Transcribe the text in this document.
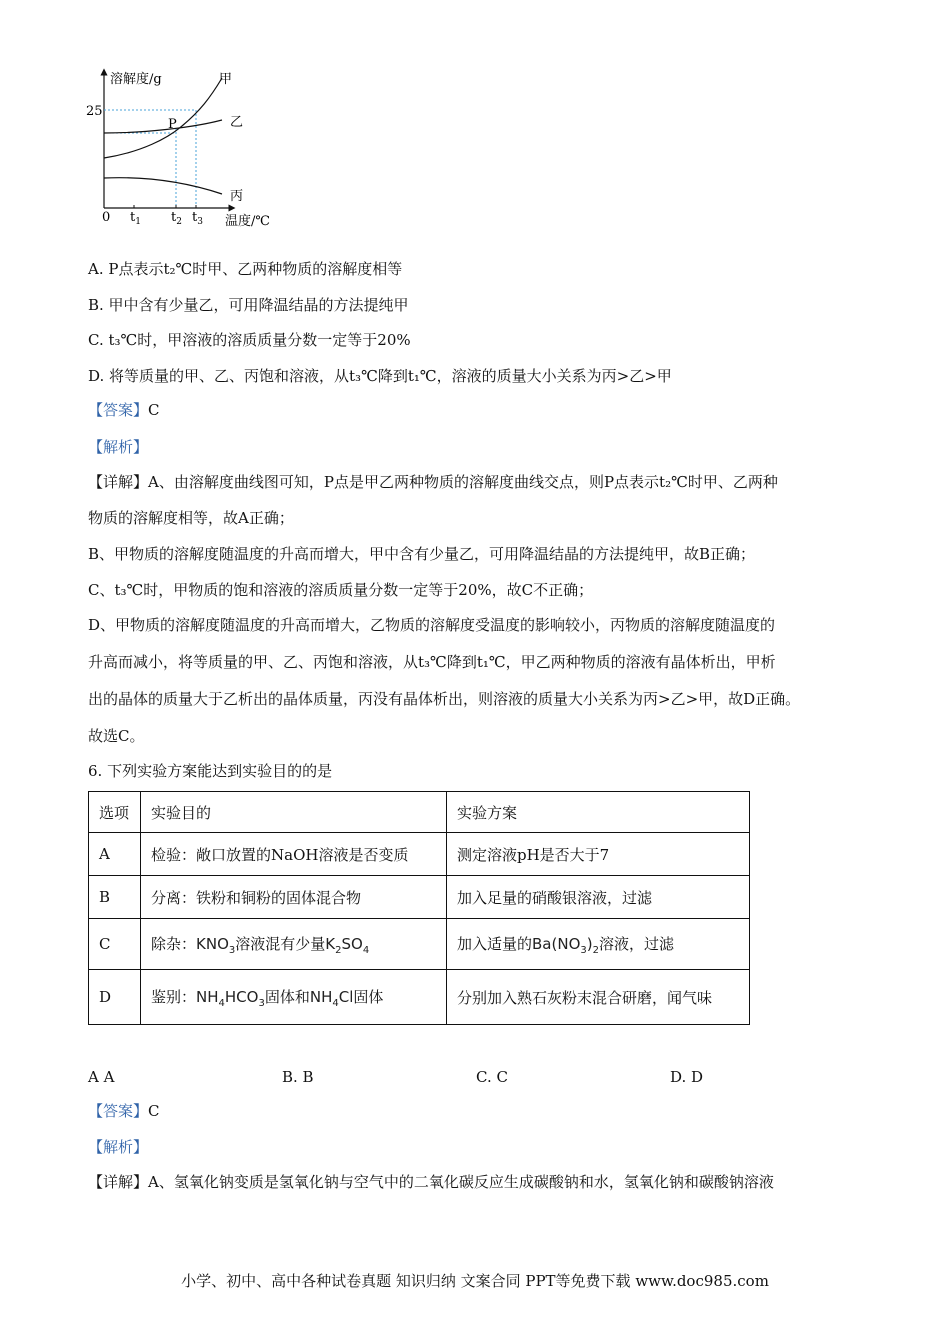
溶解度/g
温度/℃
25
0 $t_1$ $t_2$ $t_3$
甲
乙
丙
P
A. P点表示t₂℃时甲、乙两种物质的溶解度相等
B. 甲中含有少量乙，可用降温结晶的方法提纯甲
C. t₃℃时，甲溶液的溶质质量分数一定等于20%
D. 将等质量的甲、乙、丙饱和溶液，从t₃℃降到t₁℃，溶液的质量大小关系为丙>乙>甲
【答案】C
【解析】
【详解】A、由溶解度曲线图可知，P点是甲乙两种物质的溶解度曲线交点，则P点表示t₂℃时甲、乙两种
物质的溶解度相等，故A正确；
B、甲物质的溶解度随温度的升高而增大，甲中含有少量乙，可用降温结晶的方法提纯甲，故B正确；
C、t₃℃时，甲物质的饱和溶液的溶质质量分数一定等于20%，故C不正确；
D、甲物质的溶解度随温度的升高而增大，乙物质的溶解度受温度的影响较小，丙物质的溶解度随温度的
升高而减小，将等质量的甲、乙、丙饱和溶液，从t₃℃降到t₁℃，甲乙两种物质的溶液有晶体析出，甲析
出的晶体的质量大于乙析出的晶体质量，丙没有晶体析出，则溶液的质量大小关系为丙>乙>甲，故D正确。
故选C。
6. 下列实验方案能达到实验目的的是
选项	实验目的	实验方案
A	检验：敞口放置的NaOH溶液是否变质	测定溶液pH是否大于7
B	分离：铁粉和铜粉的固体混合物	加入足量的硝酸银溶液，过滤
C	除杂：$KNO_3$溶液混有少量$K_2SO_4$	加入适量的$Ba(NO_3)_2$溶液，过滤
D	鉴别：$NH_4HCO_3$固体和$NH_4Cl$固体	分别加入熟石灰粉末混合研磨，闻气味
A A	B. B	C. C	D. D
【答案】C
【解析】
【详解】A、氢氧化钠变质是氢氧化钠与空气中的二氧化碳反应生成碳酸钠和水，氢氧化钠和碳酸钠溶液
小学、初中、高中各种试卷真题 知识归纳 文案合同 PPT等免费下载 www.doc985.com
